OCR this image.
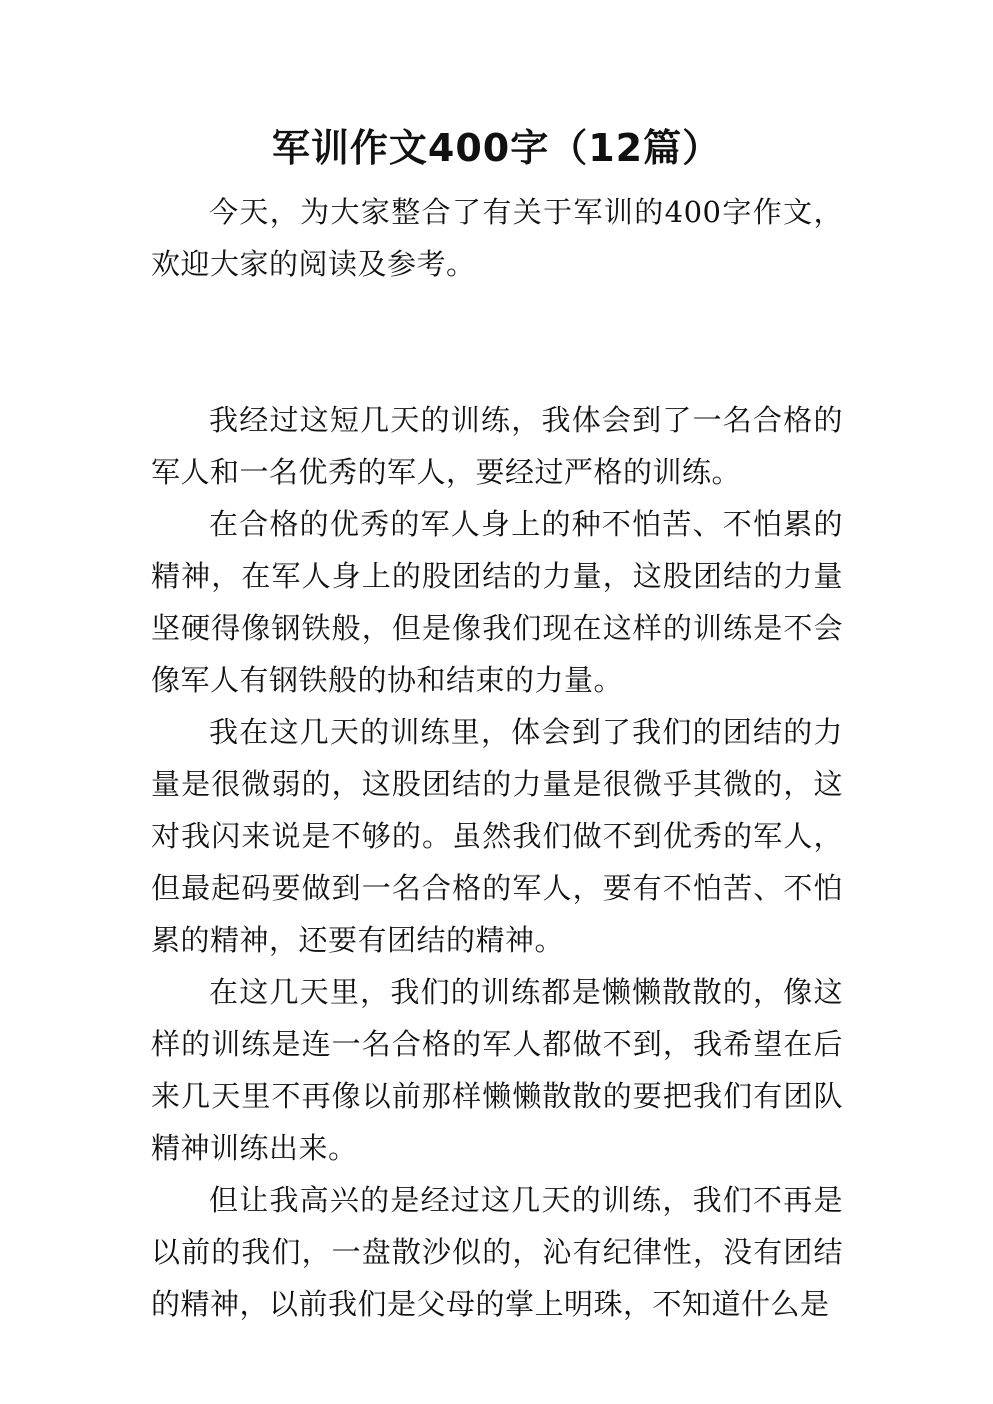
军训作文400字（12篇）

今天，为大家整合了有关于军训的400字作文，欢迎大家的阅读及参考。

我经过这短几天的训练，我体会到了一名合格的军人和一名优秀的军人，要经过严格的训练。

在合格的优秀的军人身上的种不怕苦、不怕累的精神，在军人身上的股团结的力量，这股团结的力量坚硬得像钢铁般，但是像我们现在这样的训练是不会像军人有钢铁般的协和结束的力量。

我在这几天的训练里，体会到了我们的团结的力量是很微弱的，这股团结的力量是很微乎其微的，这对我闪来说是不够的。虽然我们做不到优秀的军人，但最起码要做到一名合格的军人，要有不怕苦、不怕累的精神，还要有团结的精神。

在这几天里，我们的训练都是懒懒散散的，像这样的训练是连一名合格的军人都做不到，我希望在后来几天里不再像以前那样懒懒散散的要把我们有团队精神训练出来。

但让我高兴的是经过这几天的训练，我们不再是以前的我们，一盘散沙似的，沁有纪律性，没有团结的精神，以前我们是父母的掌上明珠，不知道什么是
